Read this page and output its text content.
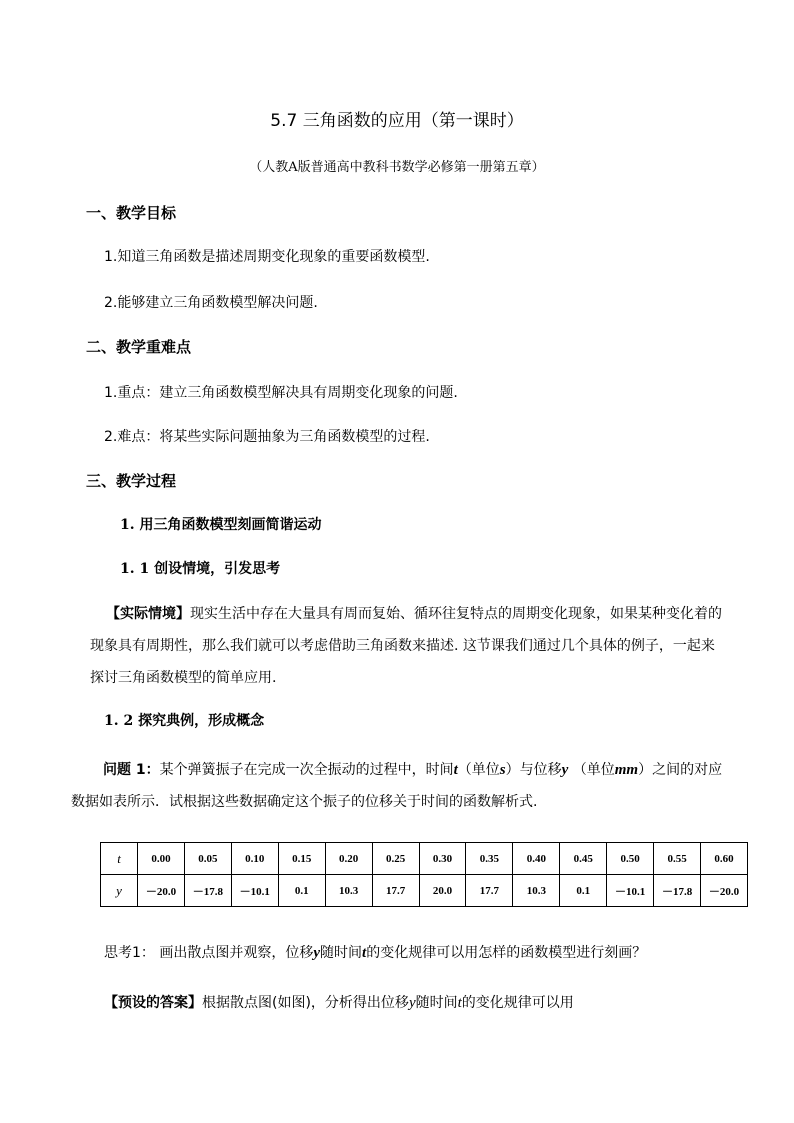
5.7 三角函数的应用（第一课时）
（人教A版普通高中教科书数学必修第一册第五章）
一、教学目标
1.知道三角函数是描述周期变化现象的重要函数模型.
2.能够建立三角函数模型解决问题.
二、教学重难点
1.重点：建立三角函数模型解决具有周期变化现象的问题.
2.难点：将某些实际问题抽象为三角函数模型的过程.
三、教学过程
1. 用三角函数模型刻画简谐运动
1. 1 创设情境，引发思考
【实际情境】现实生活中存在大量具有周而复始、循环往复特点的周期变化现象，如果某种变化着的现象具有周期性，那么我们就可以考虑借助三角函数来描述. 这节课我们通过几个具体的例子，一起来探讨三角函数模型的简单应用.
1. 2 探究典例，形成概念
问题 1：某个弹簧振子在完成一次全振动的过程中，时间t（单位s）与位移y （单位mm）之间的对应数据如表所示．试根据这些数据确定这个振子的位移关于时间的函数解析式.
t	0.00	0.05	0.10	0.15	0.20	0.25	0.30	0.35	0.40	0.45	0.50	0.55	0.60
y	－20.0	－17.8	－10.1	0.1	10.3	17.7	20.0	17.7	10.3	0.1	－10.1	－17.8	－20.0
思考1： 画出散点图并观察，位移y随时间t的变化规律可以用怎样的函数模型进行刻画？
【预设的答案】根据散点图(如图)，分析得出位移y随时间t的变化规律可以用
